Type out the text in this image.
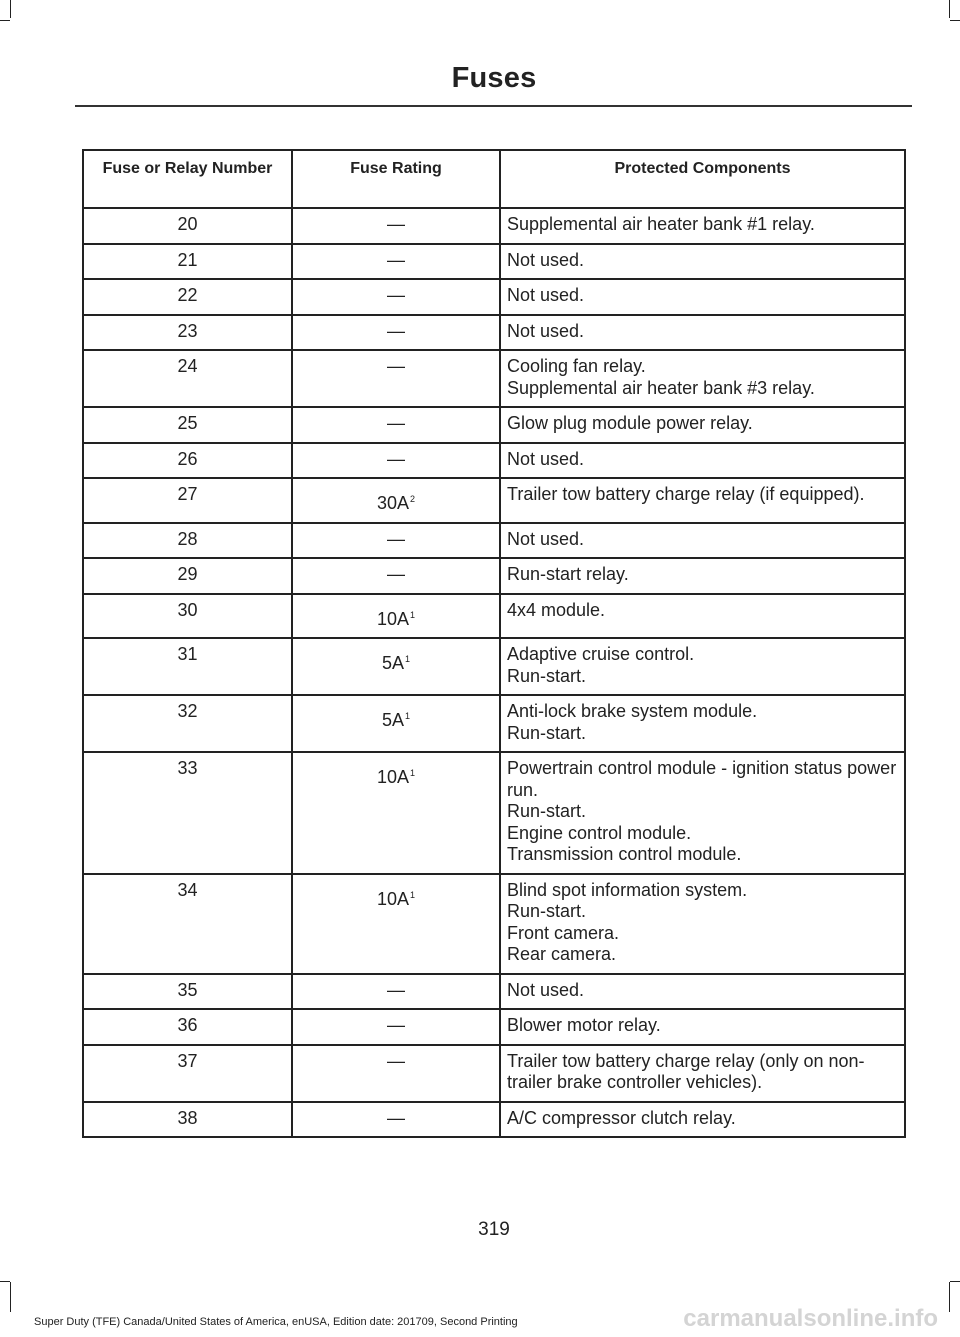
Fuses
Fuse or Relay Number	Fuse Rating	Protected Components
20	—	Supplemental air heater bank #1 relay.

21	—	Not used.

22	—	Not used.

23	—	Not used.

24	—	Cooling fan relay.
Supplemental air heater bank #3 relay.

25	—	Glow plug module power relay.

26	—	Not used.

27	$30A^2$	Trailer tow battery charge relay (if equipped).

28	—	Not used.

29	—	Run-start relay.

30	$10A^1$	4x4 module.

31	$5A^1$	Adaptive cruise control.
Run-start.

32	$5A^1$	Anti-lock brake system module.
Run-start.

33	$10A^1$	Powertrain control module - ignition status power run.
Run-start.
Engine control module.
Transmission control module.

34	$10A^1$	Blind spot information system.
Run-start.
Front camera.
Rear camera.

35	—	Not used.

36	—	Blower motor relay.

37	—	Trailer tow battery charge relay (only on non-trailer brake controller vehicles).

38	—	A/C compressor clutch relay.
319
Super Duty (TFE) Canada/United States of America, enUSA, Edition date: 201709, Second Printing	carmanualsonline.info
